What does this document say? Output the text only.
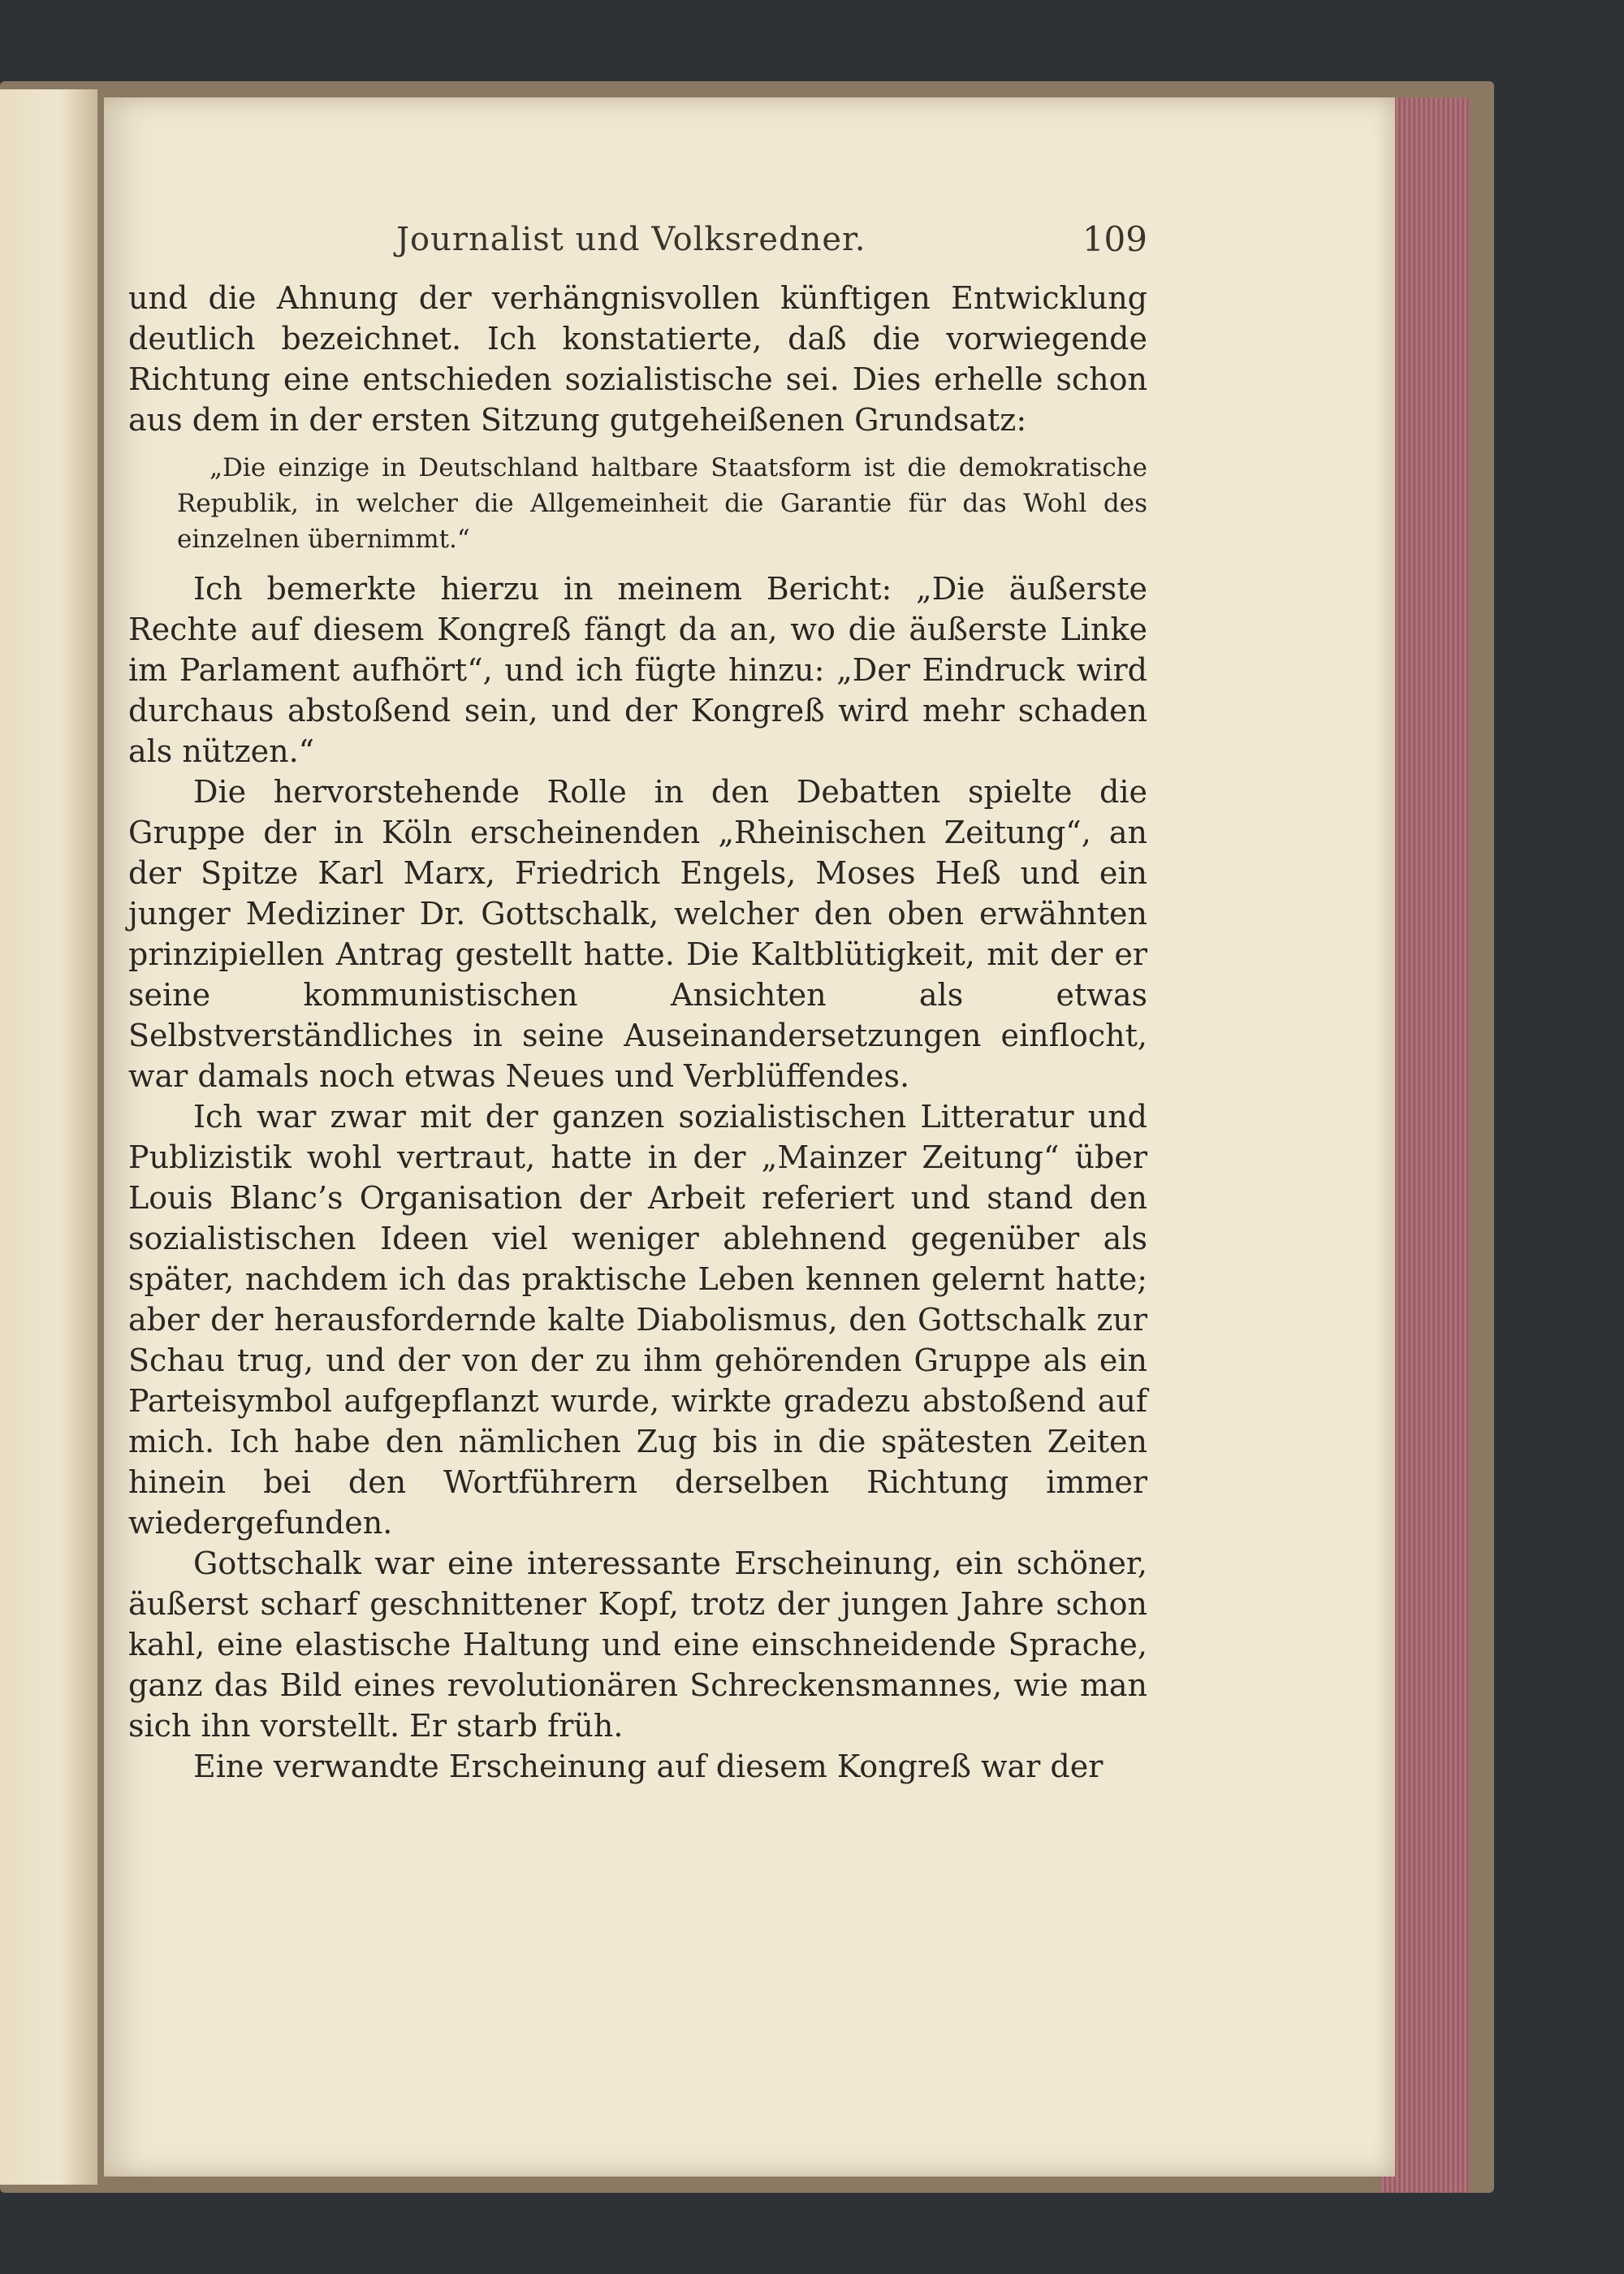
Journalist und Volksredner.	109

und die Ahnung der verhängnisvollen künftigen Entwicklung deutlich bezeichnet. Ich konstatierte, daß die vorwiegende Richtung eine entschieden sozialistische sei. Dies erhelle schon aus dem in der ersten Sitzung gutgeheißenen Grundsatz:

„Die einzige in Deutschland haltbare Staatsform ist die demokratische Republik, in welcher die Allgemeinheit die Garantie für das Wohl des einzelnen übernimmt.“

Ich bemerkte hierzu in meinem Bericht: „Die äußerste Rechte auf diesem Kongreß fängt da an, wo die äußerste Linke im Parlament aufhört“, und ich fügte hinzu: „Der Eindruck wird durchaus abstoßend sein, und der Kongreß wird mehr schaden als nützen.“

Die hervorstehende Rolle in den Debatten spielte die Gruppe der in Köln erscheinenden „Rheinischen Zeitung“, an der Spitze Karl Marx, Friedrich Engels, Moses Heß und ein junger Mediziner Dr. Gottschalk, welcher den oben erwähnten prinzipiellen Antrag gestellt hatte. Die Kaltblütigkeit, mit der er seine kommunistischen Ansichten als etwas Selbstverständliches in seine Auseinandersetzungen einflocht, war damals noch etwas Neues und Verblüffendes.

Ich war zwar mit der ganzen sozialistischen Litteratur und Publizistik wohl vertraut, hatte in der „Mainzer Zeitung“ über Louis Blanc’s Organisation der Arbeit referiert und stand den sozialistischen Ideen viel weniger ablehnend gegenüber als später, nachdem ich das praktische Leben kennen gelernt hatte; aber der herausfordernde kalte Diabolismus, den Gottschalk zur Schau trug, und der von der zu ihm gehörenden Gruppe als ein Parteisymbol aufgepflanzt wurde, wirkte gradezu abstoßend auf mich. Ich habe den nämlichen Zug bis in die spätesten Zeiten hinein bei den Wortführern derselben Richtung immer wiedergefunden.

Gottschalk war eine interessante Erscheinung, ein schöner, äußerst scharf geschnittener Kopf, trotz der jungen Jahre schon kahl, eine elastische Haltung und eine einschneidende Sprache, ganz das Bild eines revolutionären Schreckensmannes, wie man sich ihn vorstellt. Er starb früh.

Eine verwandte Erscheinung auf diesem Kongreß war der
